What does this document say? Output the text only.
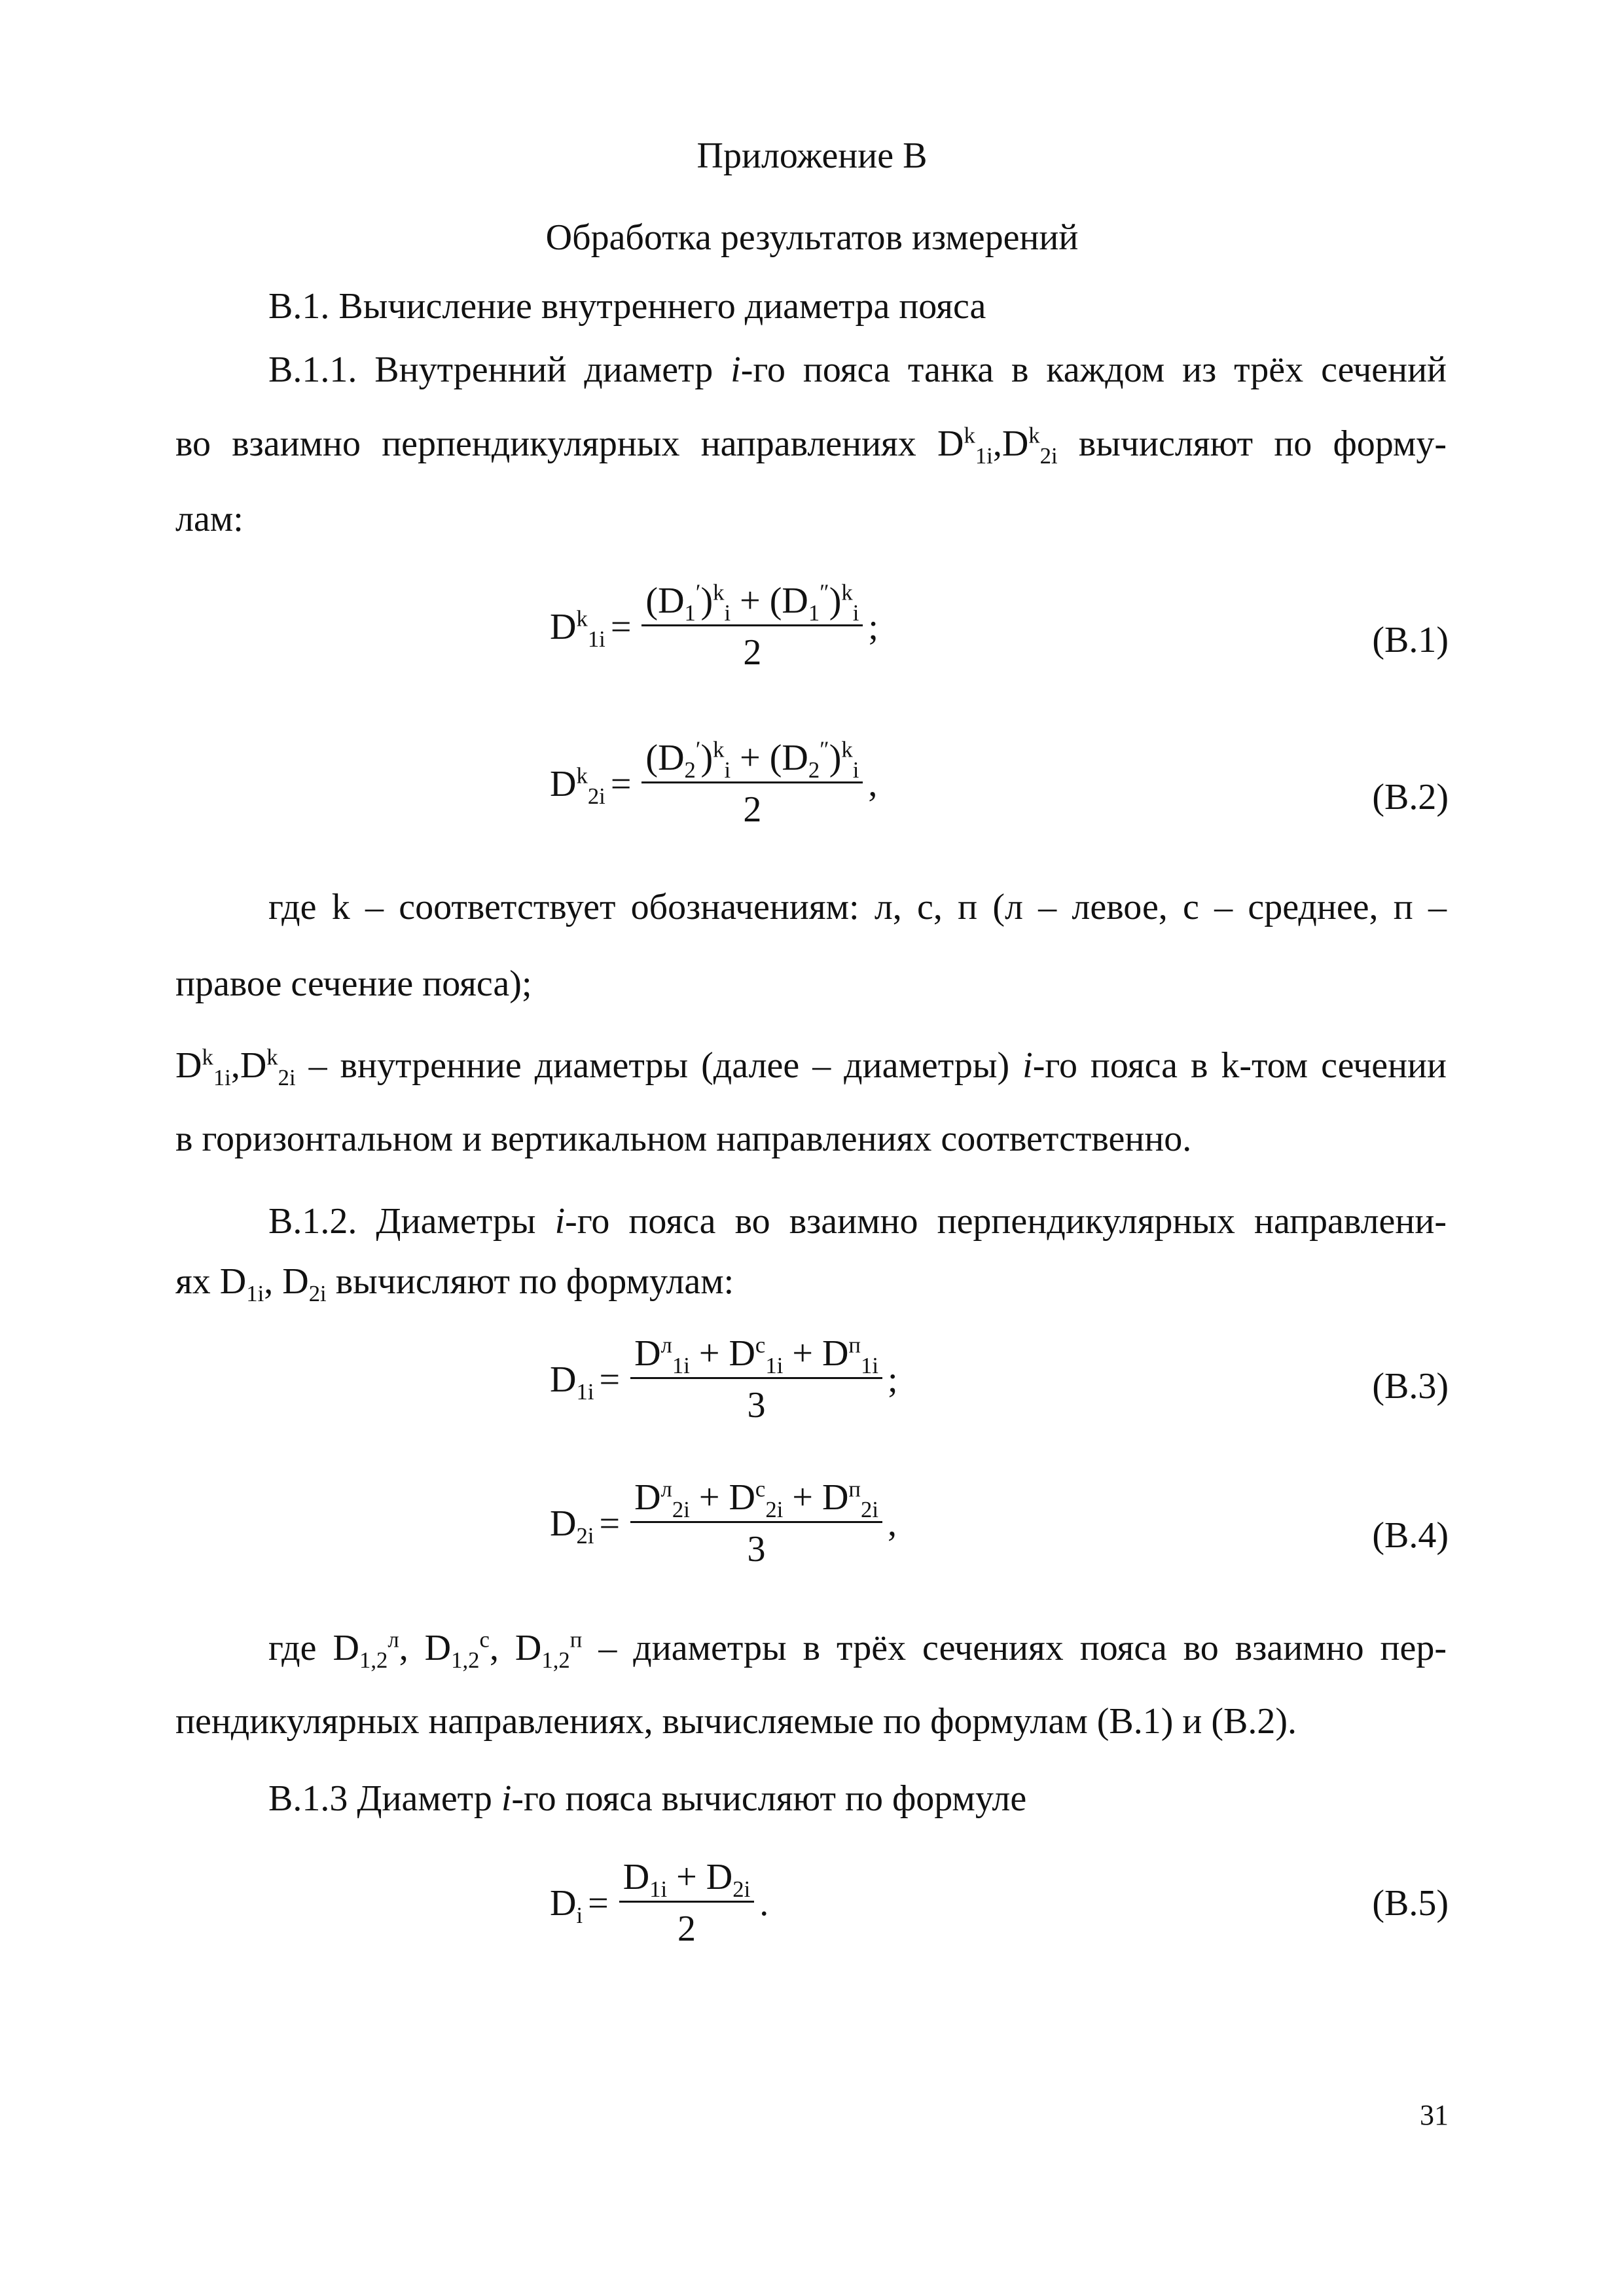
Приложение В
Обработка результатов измерений
В.1. Вычисление внутреннего диаметра пояса
В.1.1. Внутренний диаметр i-го пояса танка в каждом из трёх сечений
во взаимно перпендикулярных направлениях $D^k_{1i},D^k_{2i}$ вычисляют по форму-
лам:
$D^k_{1i} = \frac{(D_1')^k_i + (D_1'')^k_i}{2}$ ;	(В.1)
$D^k_{2i} = \frac{(D_2')^k_i + (D_2'')^k_i}{2}$ ,	(В.2)
где k – соответствует обозначениям: л, с, п (л – левое, с – среднее, п –
правое сечение пояса);
$D^k_{1i},D^k_{2i}$ – внутренние диаметры (далее – диаметры) i-го пояса в k-том сечении
в горизонтальном и вертикальном направлениях соответственно.
В.1.2. Диаметры i-го пояса во взаимно перпендикулярных направлени-
ях $D_{1i}$, $D_{2i}$ вычисляют по формулам:
$D_{1i} = \frac{D^л_{1i} + D^с_{1i} + D^п_{1i}}{3}$ ;	(В.3)
$D_{2i} = \frac{D^л_{2i} + D^с_{2i} + D^п_{2i}}{3}$ ,	(В.4)
где $D_{1,2}^л$, $D_{1,2}^с$, $D_{1,2}^п$ – диаметры в трёх сечениях пояса во взаимно пер-
пендикулярных направлениях, вычисляемые по формулам (В.1) и (В.2).
В.1.3 Диаметр i-го пояса вычисляют по формуле
$D_i = \frac{D_{1i} + D_{2i}}{2}$ .	(В.5)
31
